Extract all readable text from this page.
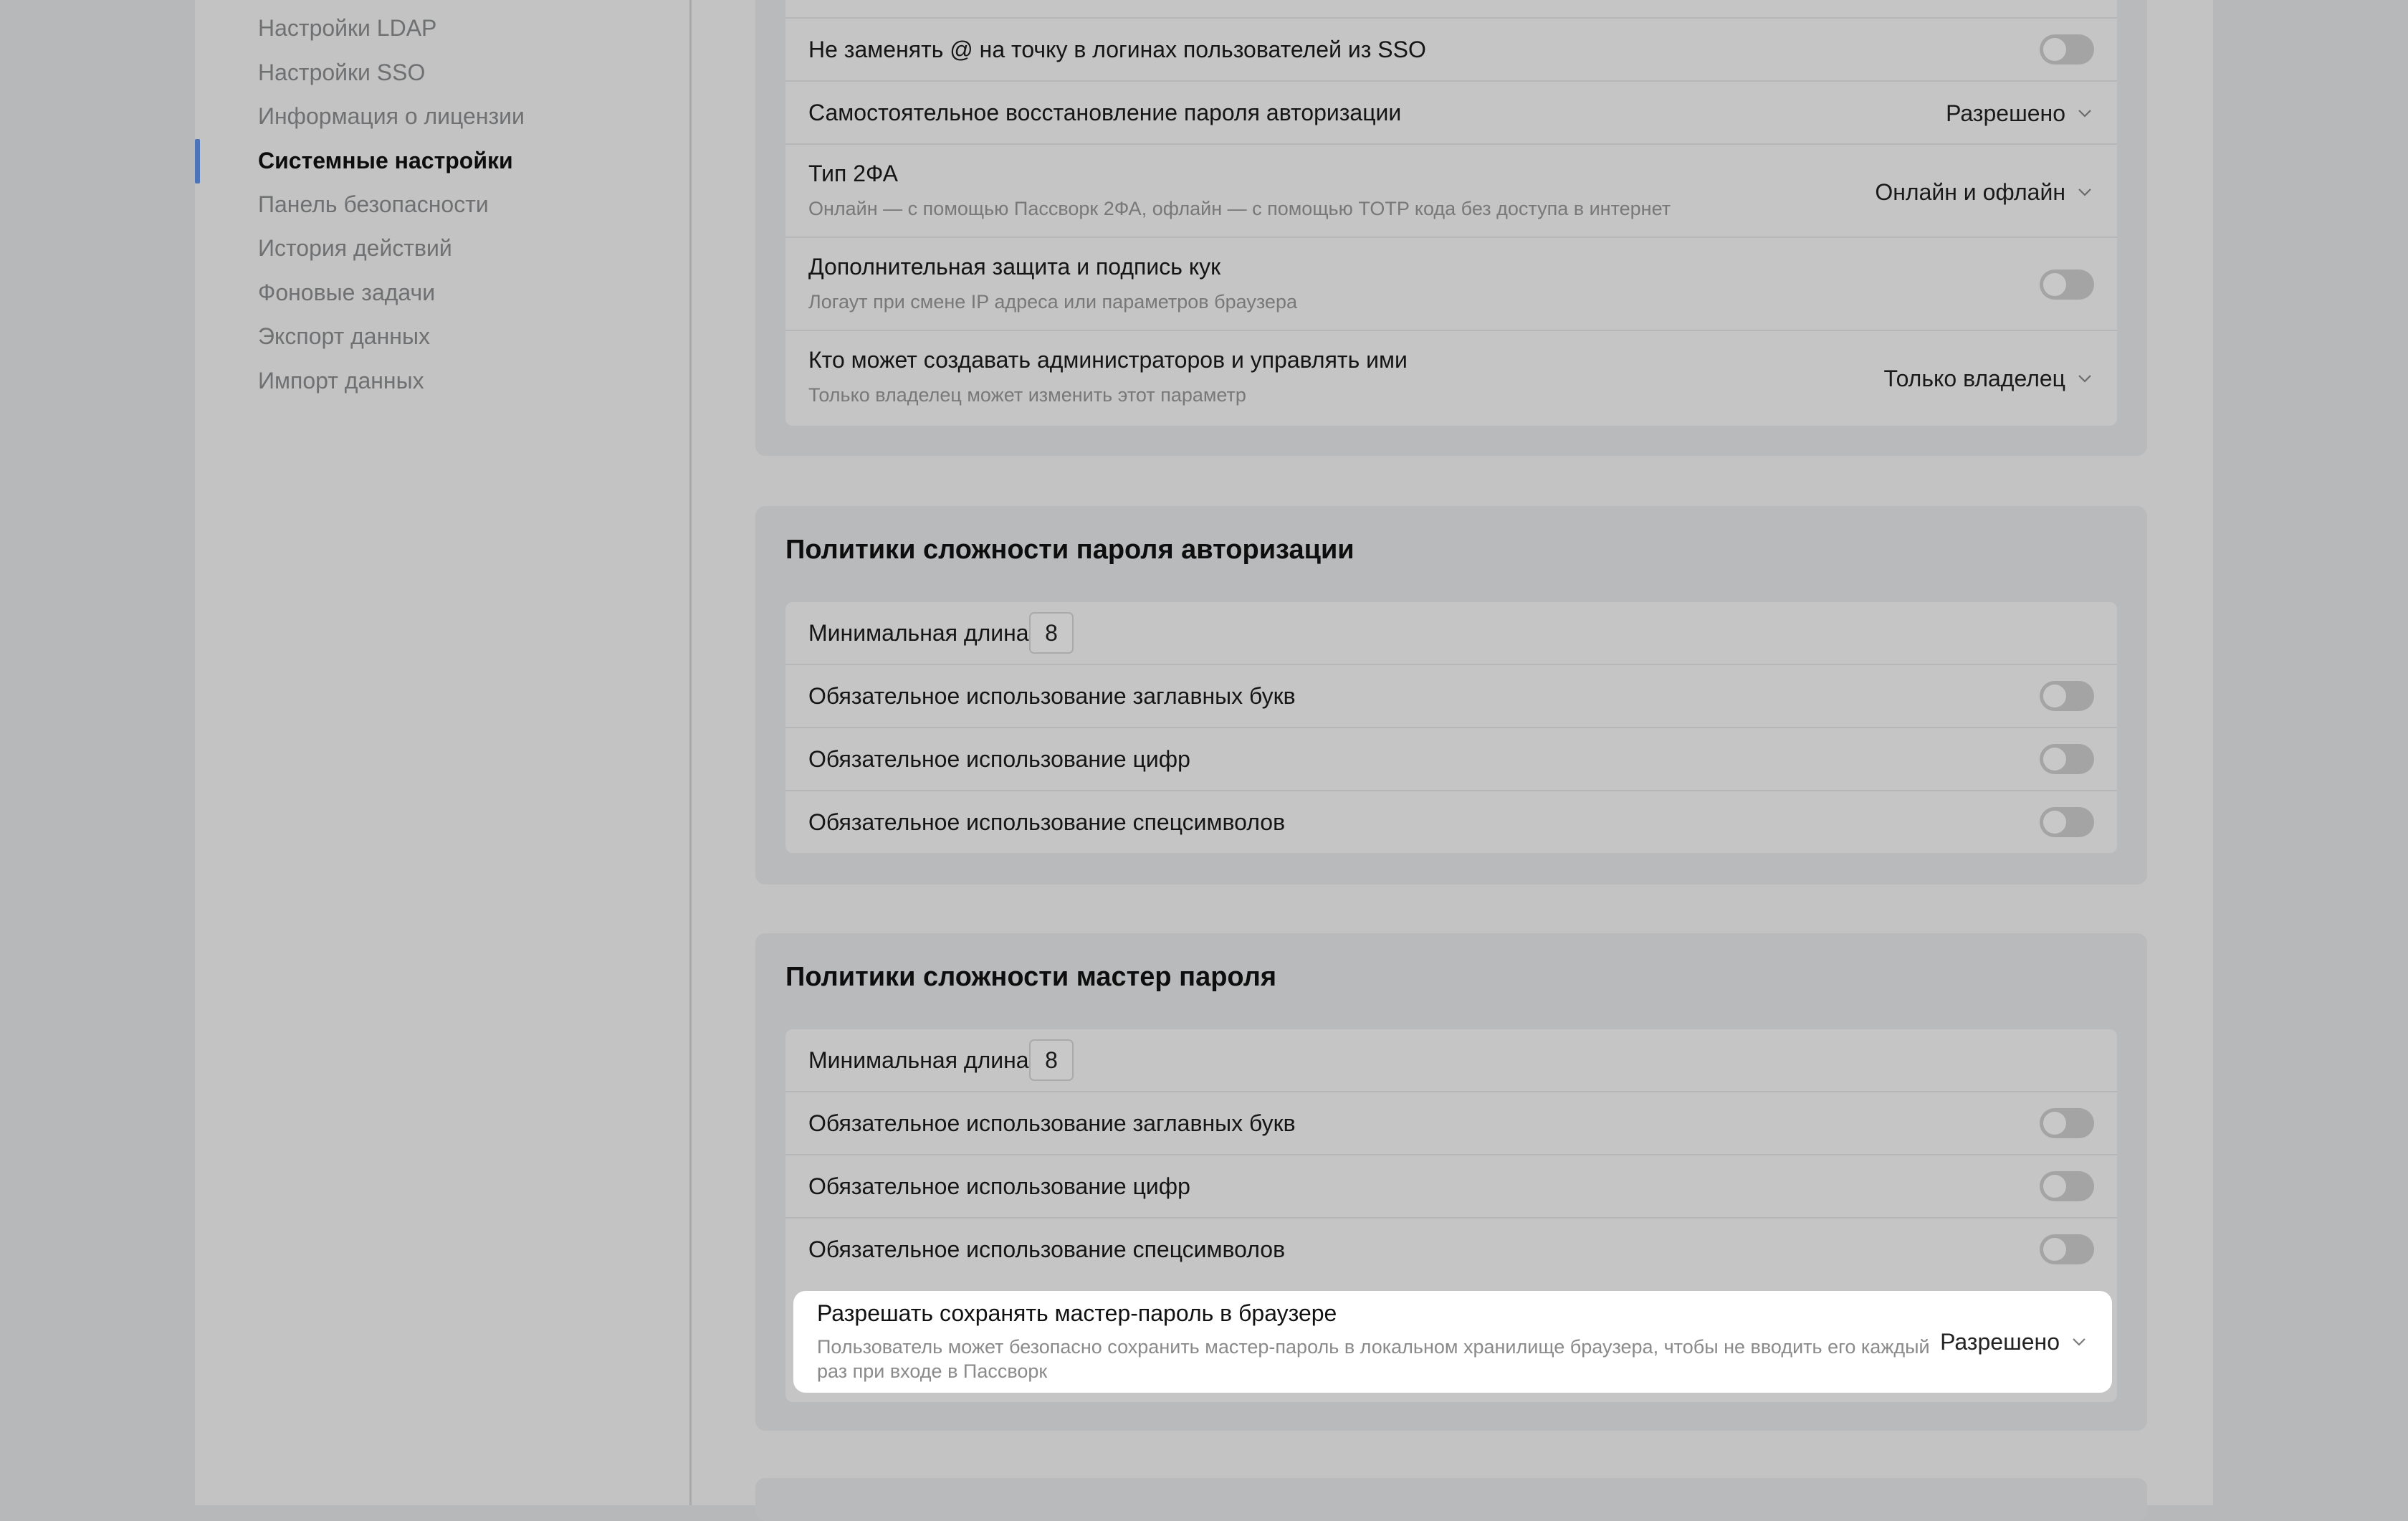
Настройки LDAP
Настройки SSO
Информация о лицензии
Системные настройки
Панель безопасности
История действий
Фоновые задачи
Экспорт данных
Импорт данных
Не заменять @ на точку в логинах пользователей из SSO
Самостоятельное восстановление пароля авторизации	Разрешено
Тип 2ФА
Онлайн — с помощью Пассворк 2ФА, офлайн — с помощью TOTP кода без доступа в интернет
Онлайн и офлайн
Дополнительная защита и подпись кук
Логаут при смене IP адреса или параметров браузера
Кто может создавать администраторов и управлять ими
Только владелец может изменить этот параметр
Только владелец
Политики сложности пароля авторизации
Минимальная длина 8
Обязательное использование заглавных букв
Обязательное использование цифр
Обязательное использование спецсимволов
Политики сложности мастер пароля
Минимальная длина 8
Обязательное использование заглавных букв
Обязательное использование цифр
Обязательное использование спецсимволов
Разрешать сохранять мастер-пароль в браузере
Пользователь может безопасно сохранить мастер-пароль в локальном хранилище браузера, чтобы не вводить его каждый раз при входе в Пассворк
Разрешено
